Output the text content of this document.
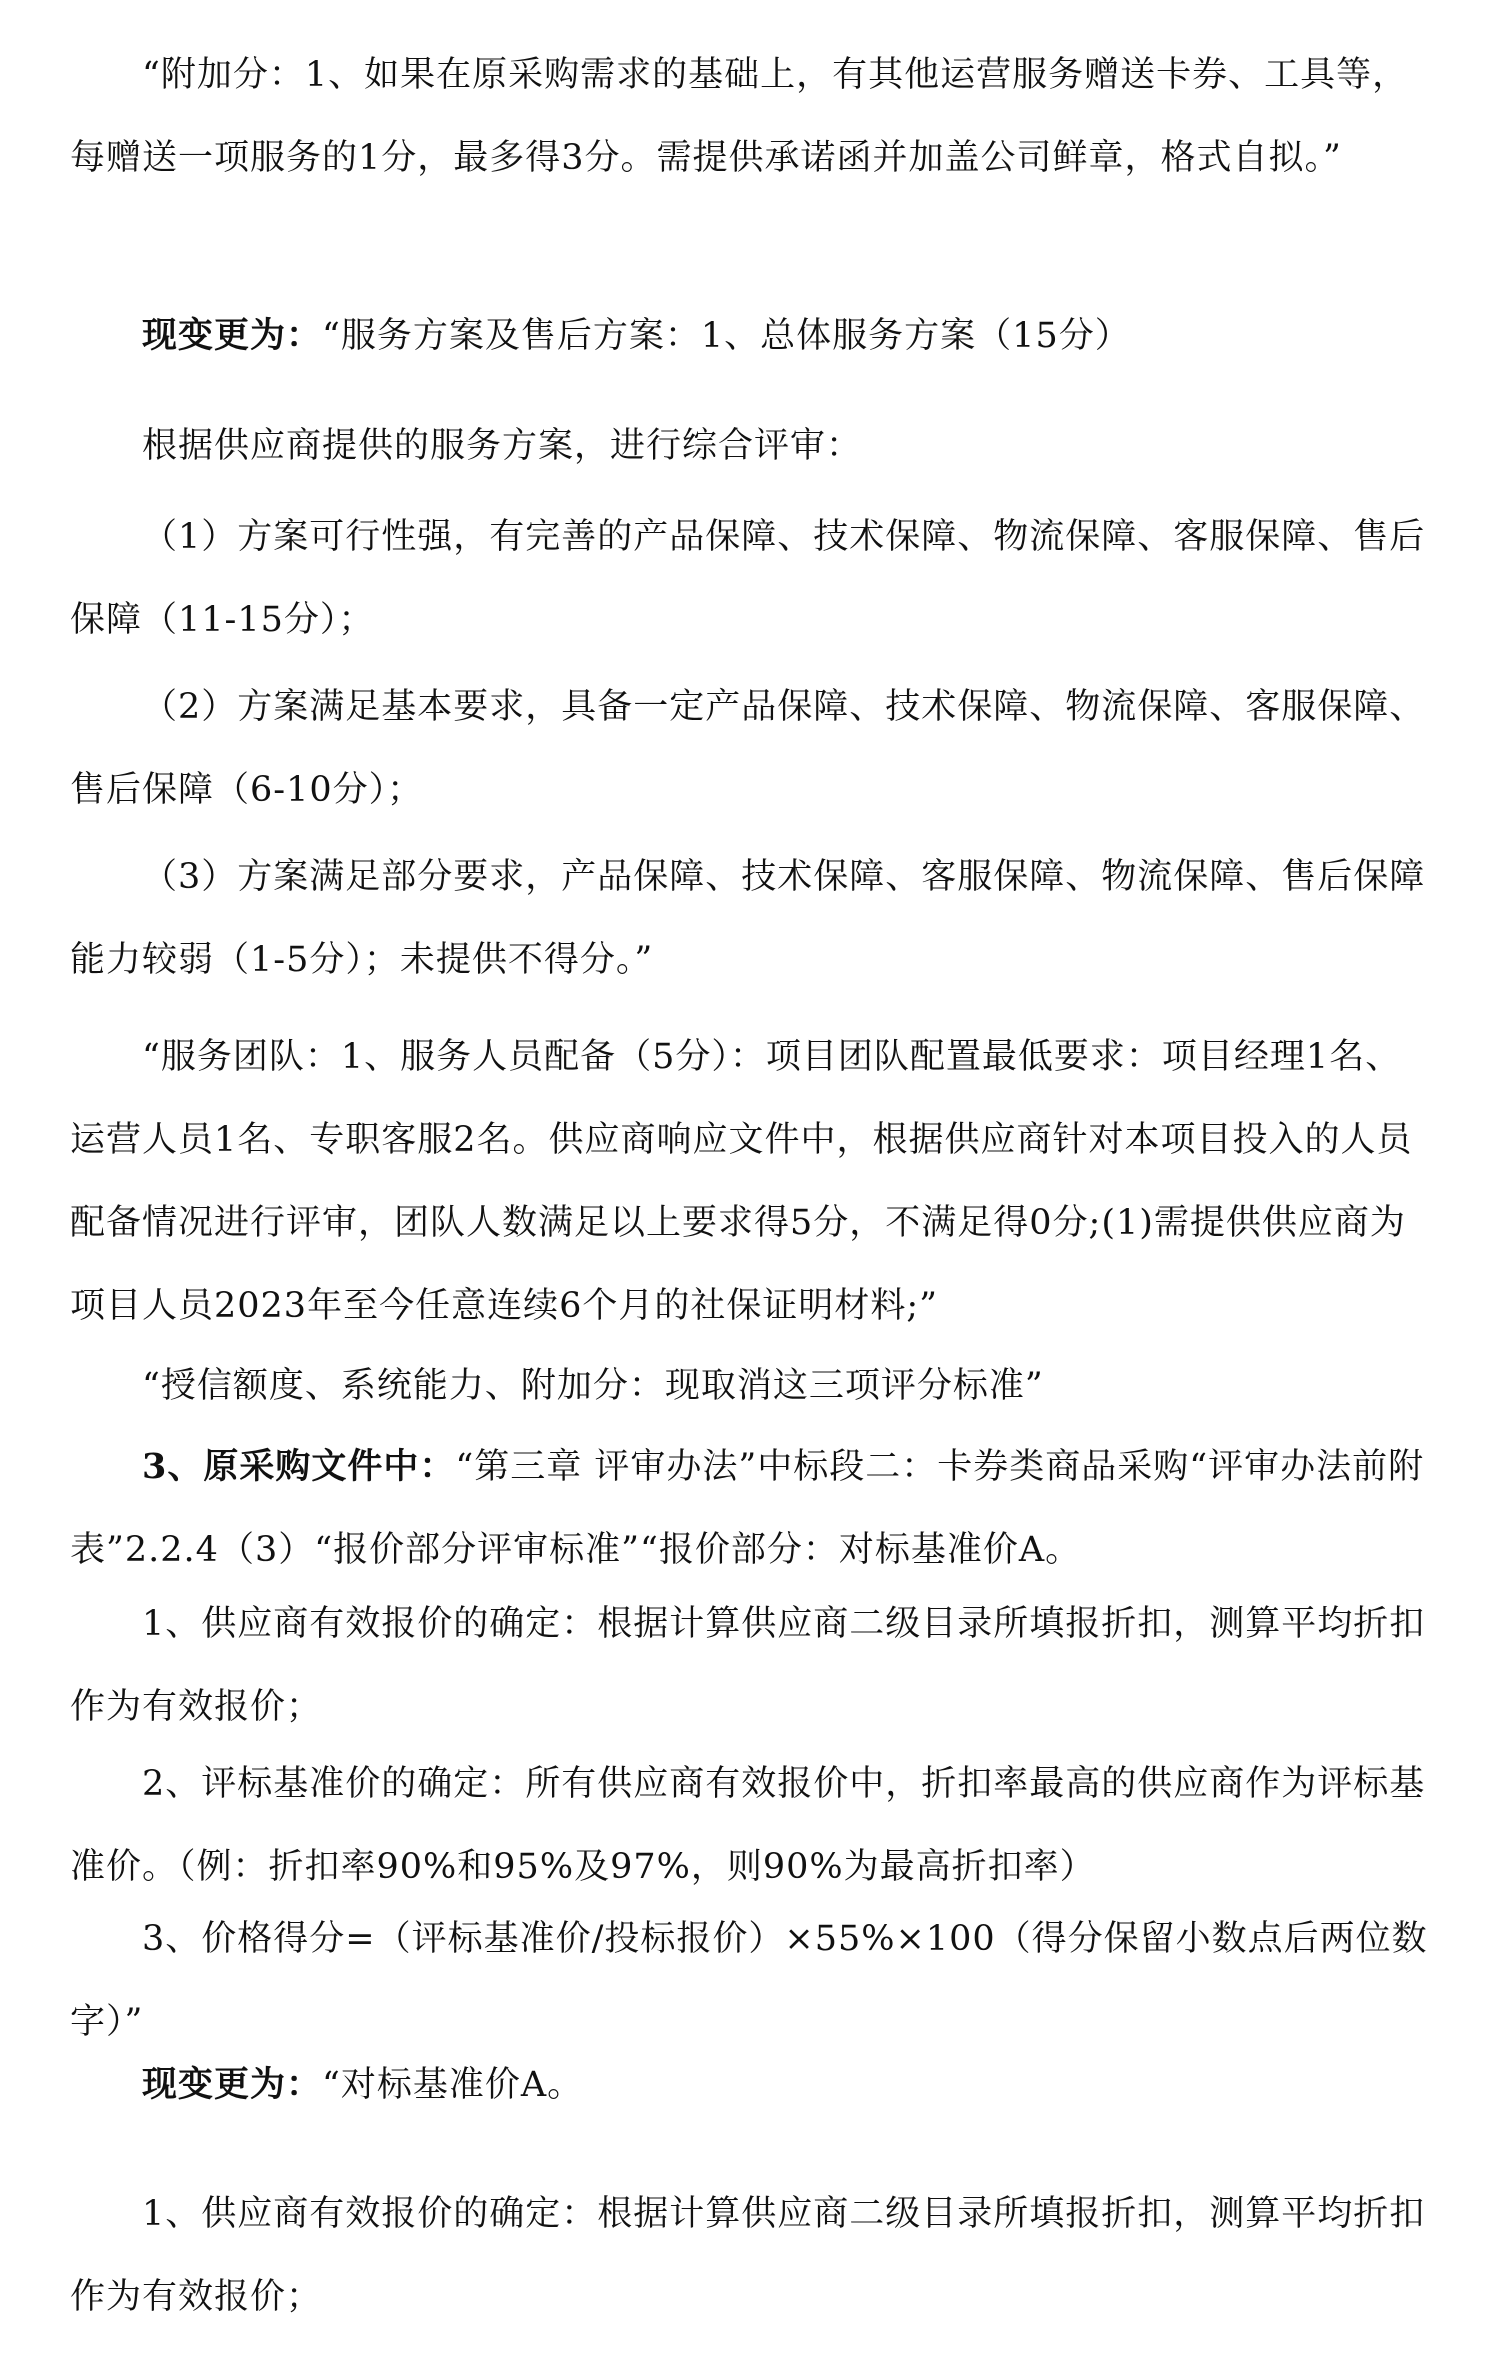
“附加分：1、如果在原采购需求的基础上，有其他运营服务赠送卡券、工具等，每赠送一项服务的1分，最多得3分。需提供承诺函并加盖公司鲜章，格式自拟。”
现变更为：“服务方案及售后方案：1、总体服务方案（15分）
根据供应商提供的服务方案，进行综合评审：
（1）方案可行性强，有完善的产品保障、技术保障、物流保障、客服保障、售后保障（11-15分）；
（2）方案满足基本要求，具备一定产品保障、技术保障、物流保障、客服保障、售后保障（6-10分）；
（3）方案满足部分要求，产品保障、技术保障、客服保障、物流保障、售后保障能力较弱（1-5分）；未提供不得分。”
“服务团队：1、服务人员配备（5分）：项目团队配置最低要求：项目经理1名、运营人员1名、专职客服2名。供应商响应文件中，根据供应商针对本项目投入的人员配备情况进行评审，团队人数满足以上要求得5分，不满足得0分;(1)需提供供应商为项目人员2023年至今任意连续6个月的社保证明材料;”
“授信额度、系统能力、附加分：现取消这三项评分标准”
3、原采购文件中：“第三章 评审办法”中标段二：卡券类商品采购“评审办法前附表”2.2.4（3）“报价部分评审标准”“报价部分：对标基准价A。
1、供应商有效报价的确定：根据计算供应商二级目录所填报折扣，测算平均折扣作为有效报价；
2、评标基准价的确定：所有供应商有效报价中，折扣率最高的供应商作为评标基准价。（例：折扣率90%和95%及97%，则90%为最高折扣率）
3、价格得分=（评标基准价/投标报价）×55%×100（得分保留小数点后两位数字）”
现变更为：“对标基准价A。
1、供应商有效报价的确定：根据计算供应商二级目录所填报折扣，测算平均折扣作为有效报价；
